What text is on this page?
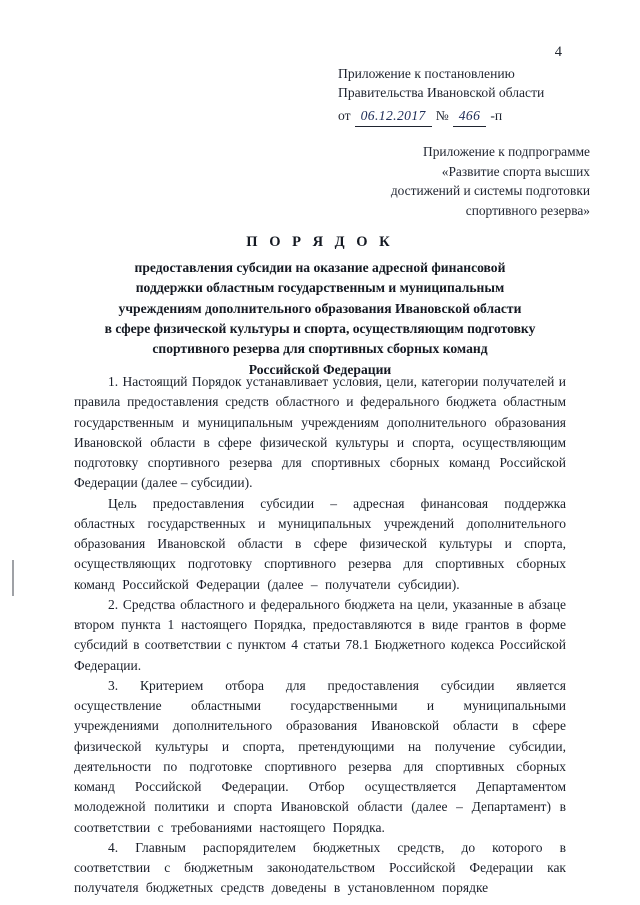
4
Приложение к постановлению
Правительства Ивановской области
от 06.12.2017 № 466 -п
Приложение к подпрограмме
«Развитие спорта высших
достижений и системы подготовки
спортивного резерва»
П О Р Я Д О К
предоставления субсидии на оказание адресной финансовой
поддержки областным государственным и муниципальным
учреждениям дополнительного образования Ивановской области
в сфере физической культуры и спорта, осуществляющим подготовку
спортивного резерва для спортивных сборных команд
Российской Федерации

1. Настоящий Порядок устанавливает условия, цели, категории получателей и правила предоставления средств областного и федерального бюджета областным государственным и муниципальным учреждениям дополнительного образования Ивановской области в сфере физической культуры и спорта, осуществляющим подготовку спортивного резерва для спортивных сборных команд Российской Федерации (далее – субсидии).

Цель предоставления субсидии – адресная финансовая поддержка областных государственных и муниципальных учреждений дополнительного образования Ивановской области в сфере физической культуры и спорта, осуществляющих подготовку спортивного резерва для спортивных сборных команд Российской Федерации (далее – получатели субсидии).

2. Средства областного и федерального бюджета на цели, указанные в абзаце втором пункта 1 настоящего Порядка, предоставляются в виде грантов в форме субсидий в соответствии с пунктом 4 статьи 78.1 Бюджетного кодекса Российской Федерации.

3. Критерием отбора для предоставления субсидии является осуществление областными государственными и муниципальными учреждениями дополнительного образования Ивановской области в сфере физической культуры и спорта, претендующими на получение субсидии, деятельности по подготовке спортивного резерва для спортивных сборных команд Российской Федерации. Отбор осуществляется Департаментом молодежной политики и спорта Ивановской области (далее – Департамент) в соответствии с требованиями настоящего Порядка.

4. Главным распорядителем бюджетных средств, до которого в соответствии с бюджетным законодательством Российской Федерации как получателя бюджетных средств доведены в установленном порядке
